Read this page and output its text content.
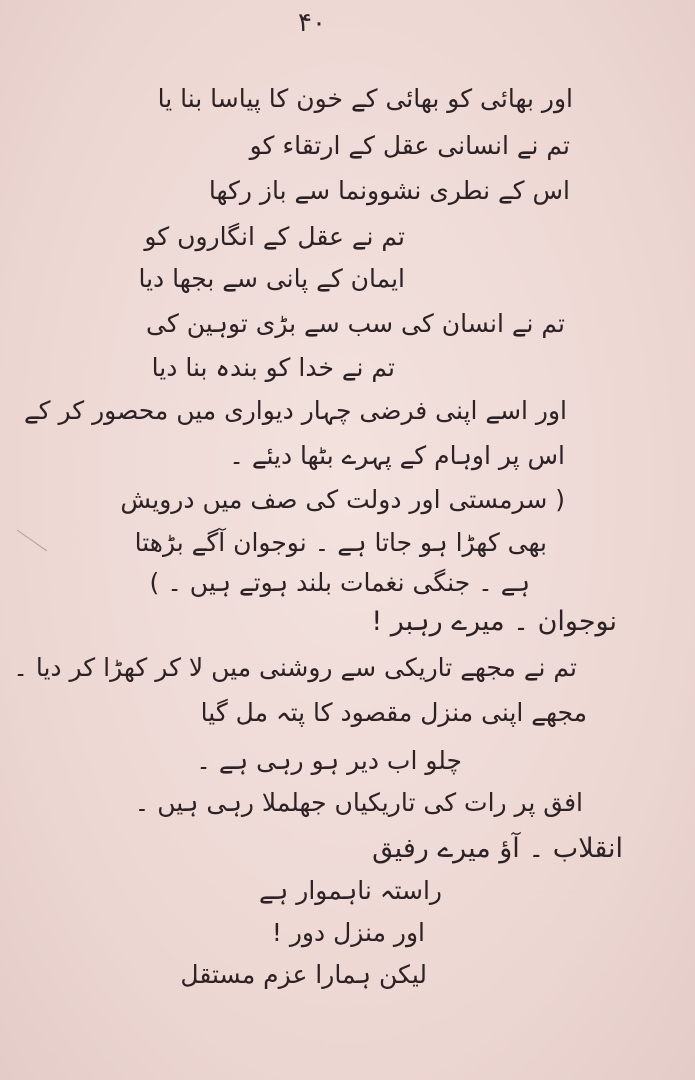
۴۰
اور بھائی کو بھائی کے خون کا پیاسا بنا یا
تم نے انسانی عقل کے ارتقاء کو
اس کے نطری نشوونما سے باز رکھا
تم نے عقل کے انگاروں کو
ایمان کے پانی سے بجھا دیا
تم نے انسان کی سب سے بڑی توہین کی
تم نے خدا کو بندہ بنا دیا
اور اسے اپنی فرضی چہار دیواری میں محصور کر کے
اس پر اوہام کے پہرے بٹھا دیئے ۔
( سرمستی اور دولت کی صف میں درویش
بھی کھڑا ہو جاتا ہے ۔ نوجوان آگے بڑھتا
ہے ۔ جنگی نغمات بلند ہوتے ہیں ۔ )
نوجوان ۔ میرے رہبر !
تم نے مجھے تاریکی سے روشنی میں لا کر کھڑا کر دیا ۔
مجھے اپنی منزل مقصود کا پتہ مل گیا
چلو اب دیر ہو رہی ہے ۔
افق پر رات کی تاریکیاں جھلملا رہی ہیں ۔
انقلاب ۔ آؤ میرے رفیق
راستہ ناہموار ہے
اور منزل دور !
لیکن ہمارا عزم مستقل
